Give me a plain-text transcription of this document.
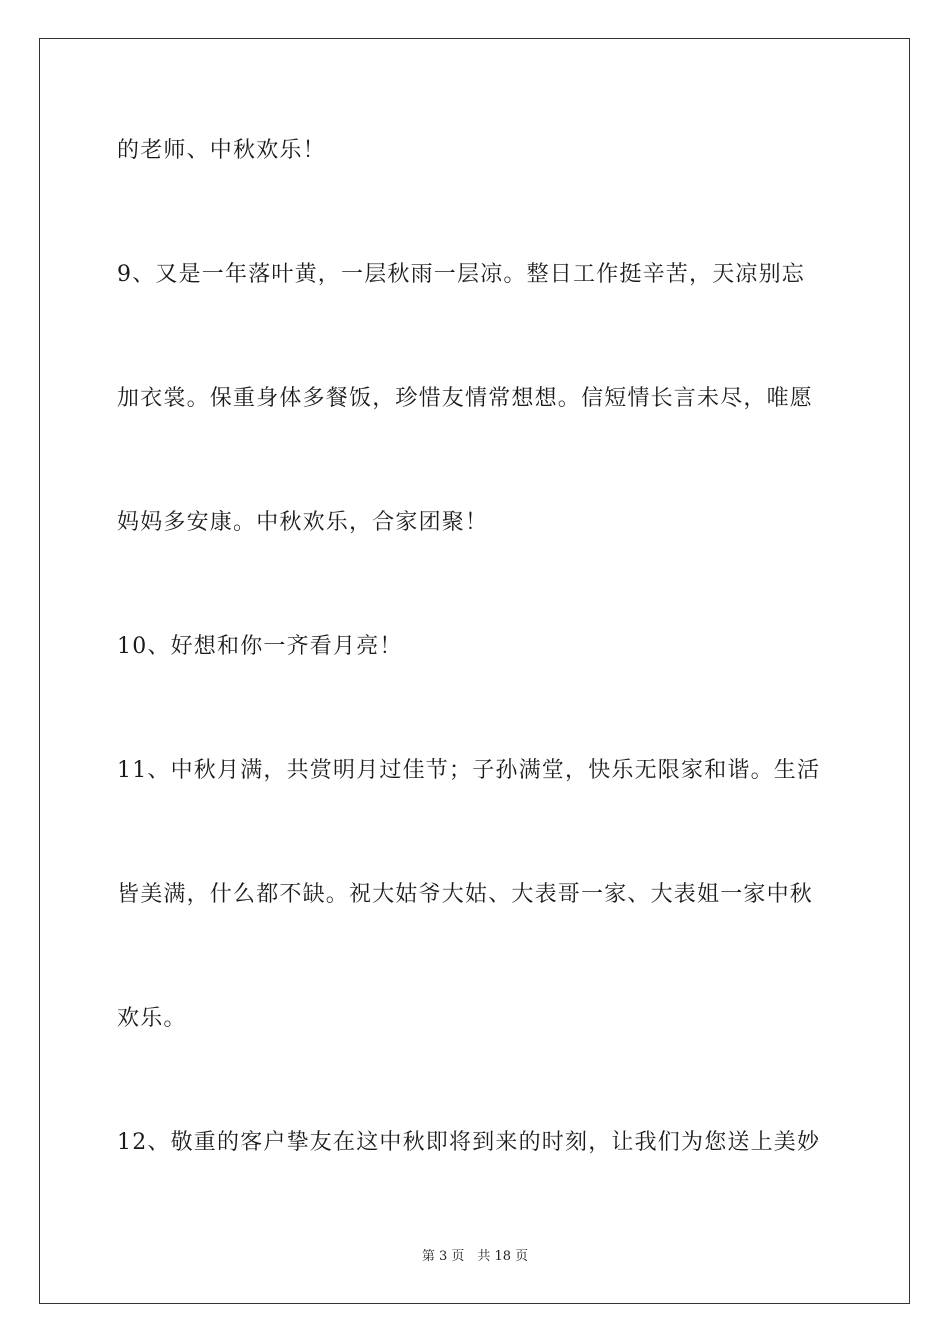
的老师、中秋欢乐！
9、又是一年落叶黄，一层秋雨一层凉。整日工作挺辛苦，天凉别忘
加衣裳。保重身体多餐饭，珍惜友情常想想。信短情长言未尽，唯愿
妈妈多安康。中秋欢乐，合家团聚！
10、好想和你一齐看月亮！
11、中秋月满，共赏明月过佳节；子孙满堂，快乐无限家和谐。生活
皆美满，什么都不缺。祝大姑爷大姑、大表哥一家、大表姐一家中秋
欢乐。
12、敬重的客户挚友在这中秋即将到来的时刻，让我们为您送上美妙
第 3 页　共 18 页
